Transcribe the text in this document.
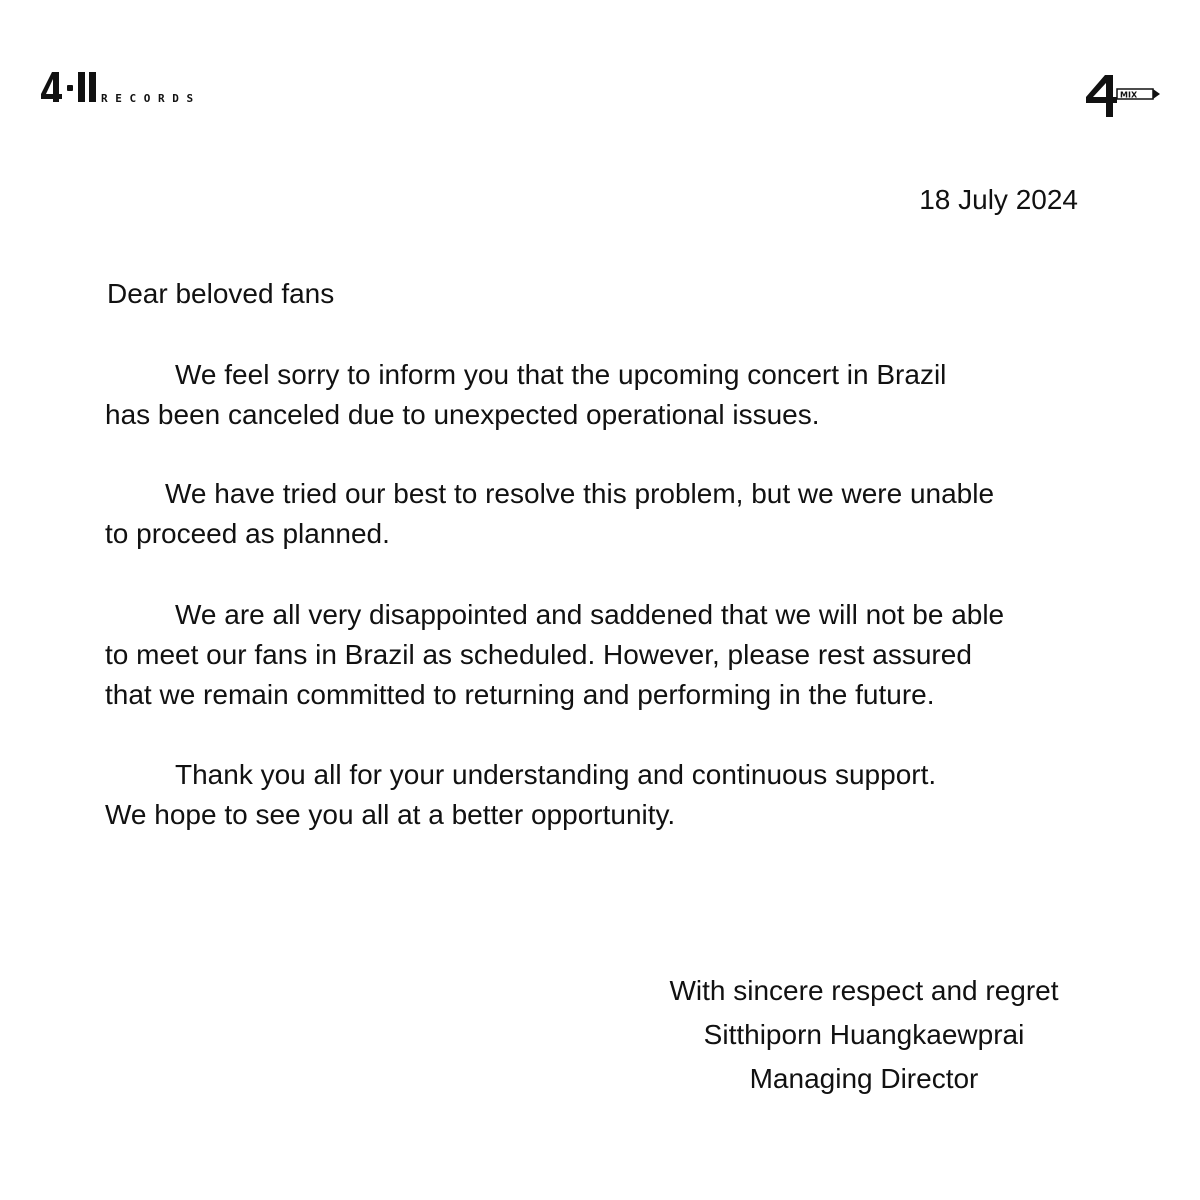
R E C O R D S	MIX
18 July 2024
Dear beloved fans
We feel sorry to inform you that the upcoming concert in Brazil
has been canceled due to unexpected operational issues.
We have tried our best to resolve this problem, but we were unable
to proceed as planned.
We are all very disappointed and saddened that we will not be able
to meet our fans in Brazil as scheduled. However, please rest assured
that we remain committed to returning and performing in the future.
Thank you all for your understanding and continuous support.
We hope to see you all at a better opportunity.
With sincere respect and regret
Sitthiporn Huangkaewprai
Managing Director
